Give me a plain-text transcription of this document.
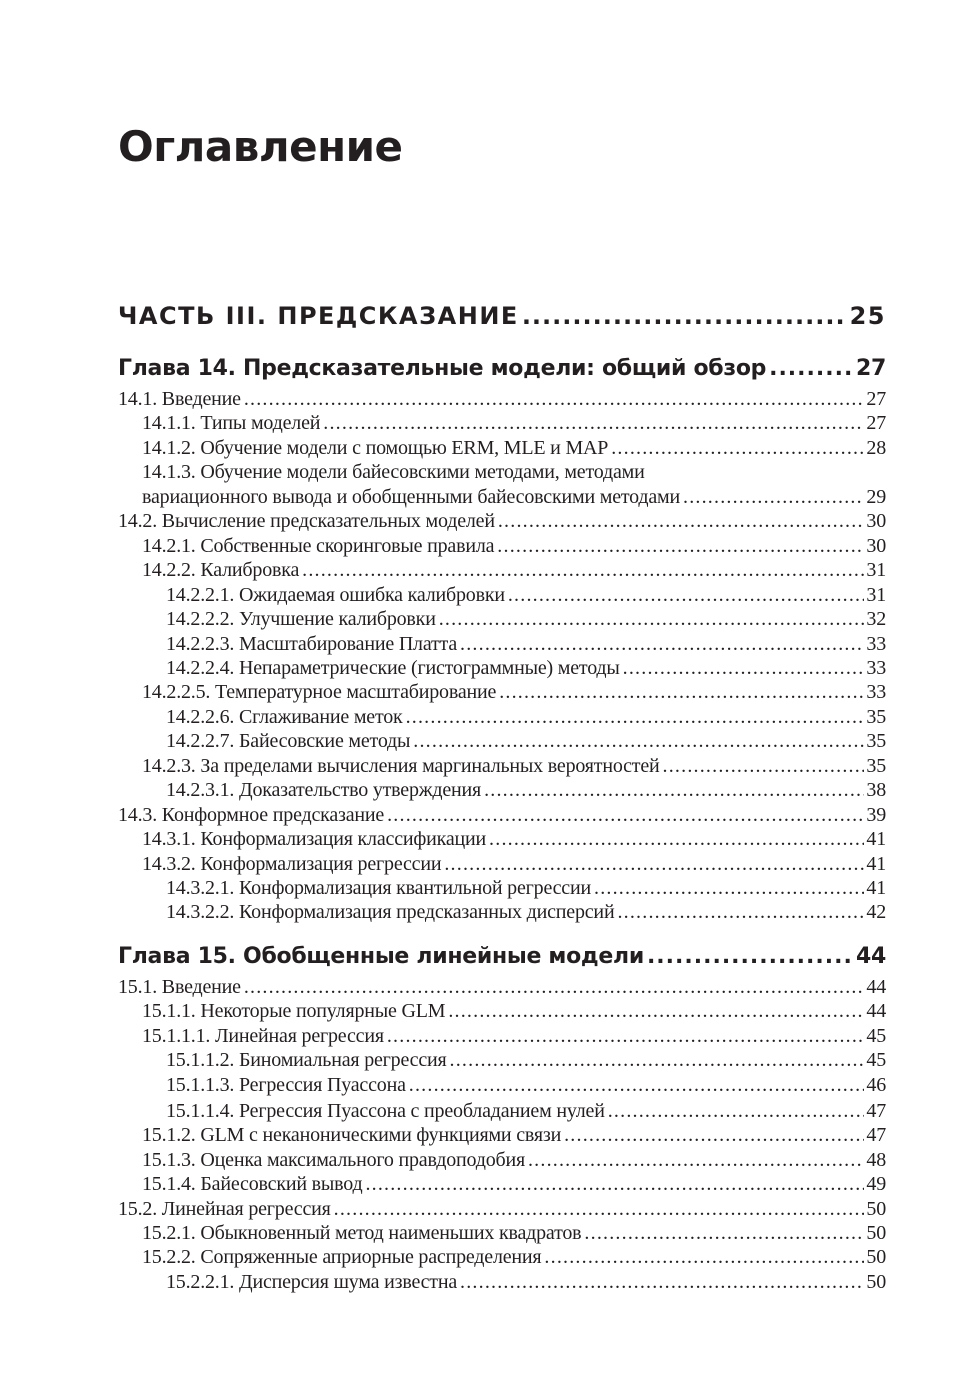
Оглавление
ЧАСТЬ III. ПРЕДСКАЗАНИЕ .....	25
Глава 14. Предсказательные модели: общий обзор .....	27
14.1. Введение .....	27
14.1.1. Типы моделей .....	27
14.1.2. Обучение модели с помощью ERM, MLE и MAP .....	28
14.1.3. Обучение модели байесовскими методами, методами
вариационного вывода и обобщенными байесовскими методами .....	29
14.2. Вычисление предсказательных моделей .....	30
14.2.1. Собственные скоринговые правила .....	30
14.2.2. Калибровка .....	31
14.2.2.1. Ожидаемая ошибка калибровки .....	31
14.2.2.2. Улучшение калибровки .....	32
14.2.2.3. Масштабирование Платта .....	33
14.2.2.4. Непараметрические (гистограммные) методы .....	33
14.2.2.5. Температурное масштабирование .....	33
14.2.2.6. Сглаживание меток .....	35
14.2.2.7. Байесовские методы .....	35
14.2.3. За пределами вычисления маргинальных вероятностей .....	35
14.2.3.1. Доказательство утверждения .....	38
14.3. Конформное предсказание .....	39
14.3.1. Конформализация классификации .....	41
14.3.2. Конформализация регрессии .....	41
14.3.2.1. Конформализация квантильной регрессии .....	41
14.3.2.2. Конформализация предсказанных дисперсий .....	42
Глава 15. Обобщенные линейные модели .....	44
15.1. Введение .....	44
15.1.1. Некоторые популярные GLM .....	44
15.1.1.1. Линейная регрессия .....	45
15.1.1.2. Биномиальная регрессия .....	45
15.1.1.3. Регрессия Пуассона .....	46
15.1.1.4. Регрессия Пуассона с преобладанием нулей .....	47
15.1.2. GLM с неканоническими функциями связи .....	47
15.1.3. Оценка максимального правдоподобия .....	48
15.1.4. Байесовский вывод .....	49
15.2. Линейная регрессия .....	50
15.2.1. Обыкновенный метод наименьших квадратов .....	50
15.2.2. Сопряженные априорные распределения .....	50
15.2.2.1. Дисперсия шума известна .....	50
